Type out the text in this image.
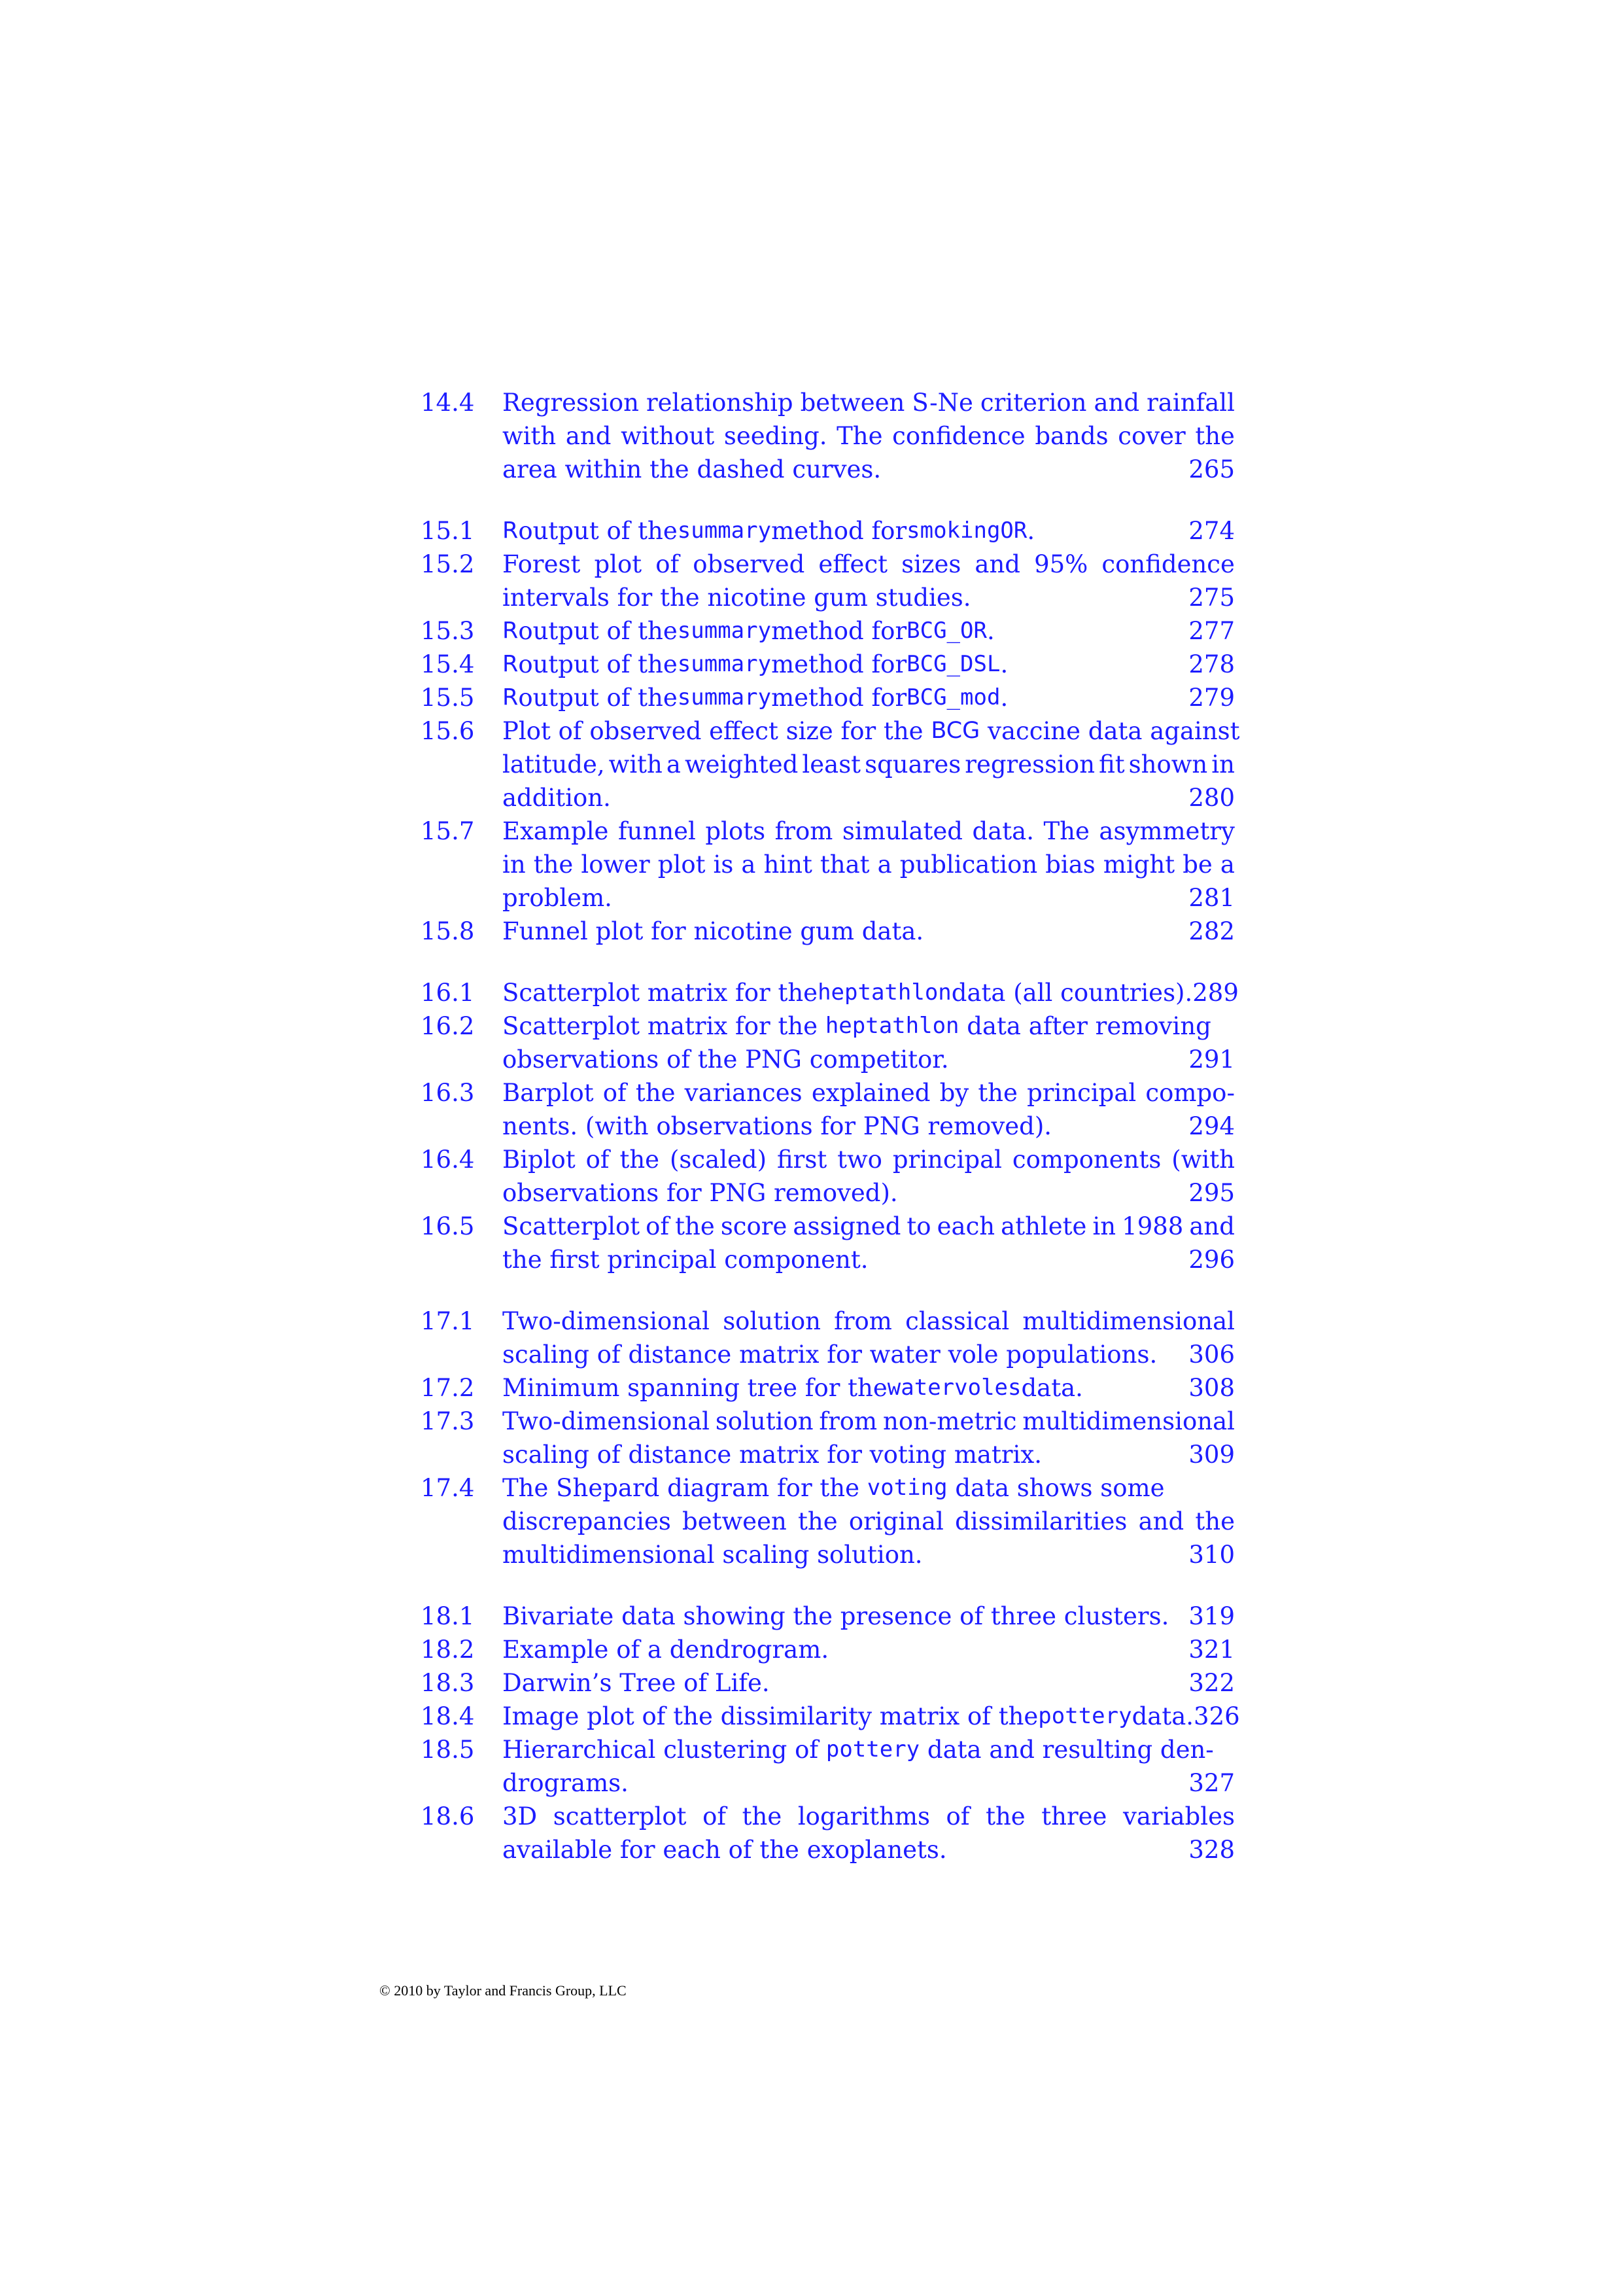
14.4	Regression relationship between S-Ne criterion and rainfall
with and without seeding. The confidence bands cover the
area within the dashed curves.	265
15.1	R output of the summary method for smokingOR .	274
15.2	Forest plot of observed effect sizes and 95% confidence
intervals for the nicotine gum studies.	275
15.3	R output of the summary method for BCG_OR .	277
15.4	R output of the summary method for BCG_DSL .	278
15.5	R output of the summary method for BCG_mod .	279
15.6	Plot of observed effect size for the BCG vaccine data against
latitude, with a weighted least squares regression fit shown in
addition.	280
15.7	Example funnel plots from simulated data. The asymmetry
in the lower plot is a hint that a publication bias might be a
problem.	281
15.8	Funnel plot for nicotine gum data.	282
16.1	Scatterplot matrix for the heptathlon data (all countries). 289
16.2	Scatterplot matrix for the heptathlon data after removing
observations of the PNG competitor.	291
16.3	Barplot of the variances explained by the principal compo-
nents. (with observations for PNG removed).	294
16.4	Biplot of the (scaled) first two principal components (with
observations for PNG removed).	295
16.5	Scatterplot of the score assigned to each athlete in 1988 and
the first principal component.	296
17.1	Two-dimensional solution from classical multidimensional
scaling of distance matrix for water vole populations.	306
17.2	Minimum spanning tree for the watervoles data.	308
17.3	Two-dimensional solution from non-metric multidimensional
scaling of distance matrix for voting matrix.	309
17.4	The Shepard diagram for the voting data shows some
discrepancies between the original dissimilarities and the
multidimensional scaling solution.	310
18.1	Bivariate data showing the presence of three clusters. 319
18.2	Example of a dendrogram.	321
18.3	Darwin’s Tree of Life.	322
18.4	Image plot of the dissimilarity matrix of the pottery data. 326
18.5	Hierarchical clustering of pottery data and resulting den-
drograms.	327
18.6	3D scatterplot of the logarithms of the three variables
available for each of the exoplanets.	328
© 2010 by Taylor and Francis Group, LLC
